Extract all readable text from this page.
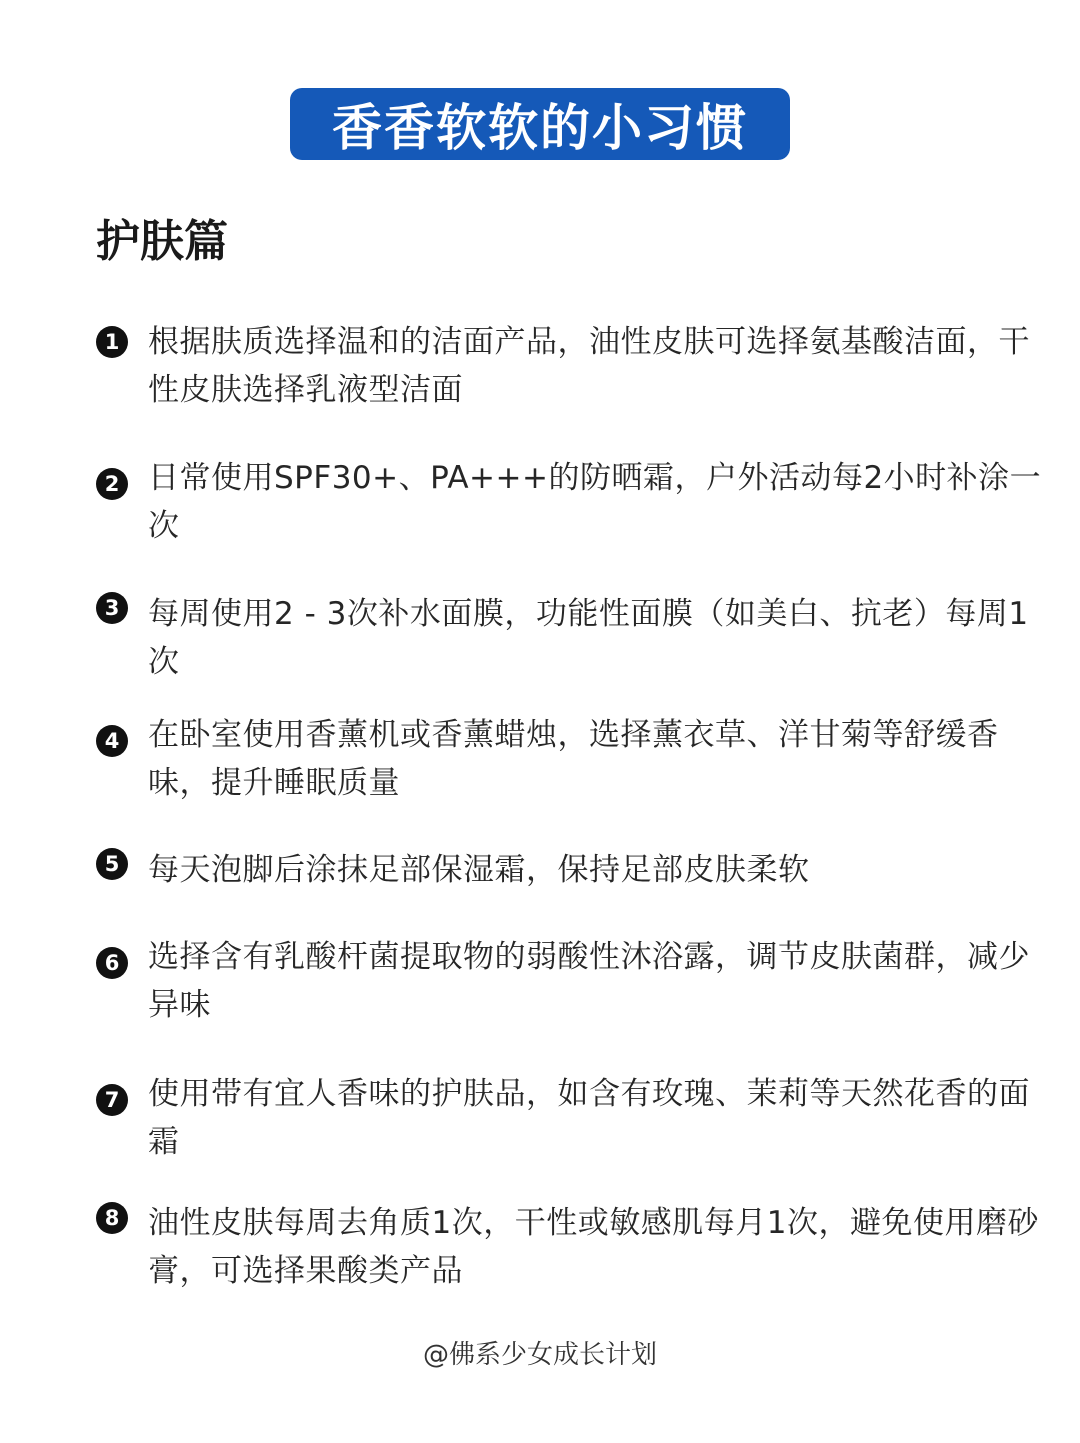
香香软软的小习惯
护肤篇
1 根据肤质选择温和的洁面产品，油性皮肤可选择氨基酸洁面，干性皮肤选择乳液型洁面
2 日常使用SPF30+、PA+++的防晒霜，户外活动每2小时补涂一次
3 每周使用2 - 3次补水面膜，功能性面膜（如美白、抗老）每周1次
4 在卧室使用香薰机或香薰蜡烛，选择薰衣草、洋甘菊等舒缓香味，提升睡眠质量
5 每天泡脚后涂抹足部保湿霜，保持足部皮肤柔软
6 选择含有乳酸杆菌提取物的弱酸性沐浴露，调节皮肤菌群，减少异味
7 使用带有宜人香味的护肤品，如含有玫瑰、茉莉等天然花香的面霜
8 油性皮肤每周去角质1次，干性或敏感肌每月1次，避免使用磨砂膏，可选择果酸类产品
@佛系少女成长计划
